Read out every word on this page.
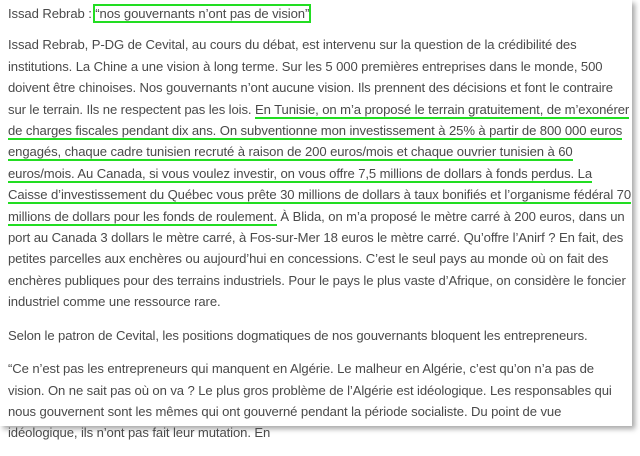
Issad Rebrab : “nos gouvernants n’ont pas de vision”

Issad Rebrab, P-DG de Cevital, au cours du débat, est intervenu sur la question de la crédibilité des institutions. La Chine a une vision à long terme. Sur les 5 000 premières entreprises dans le monde, 500 doivent être chinoises. Nos gouvernants n’ont aucune vision. Ils prennent des décisions et font le contraire sur le terrain. Ils ne respectent pas les lois. En Tunisie, on m’a proposé le terrain gratuitement, de m’exonérer de charges fiscales pendant dix ans. On subventionne mon investissement à 25% à partir de 800 000 euros engagés, chaque cadre tunisien recruté à raison de 200 euros/mois et chaque ouvrier tunisien à 60 euros/mois. Au Canada, si vous voulez investir, on vous offre 7,5 millions de dollars à fonds perdus. La Caisse d’investissement du Québec vous prête 30 millions de dollars à taux bonifiés et l’organisme fédéral 70 millions de dollars pour les fonds de roulement. À Blida, on m’a proposé le mètre carré à 200 euros, dans un port au Canada 3 dollars le mètre carré, à Fos-sur-Mer 18 euros le mètre carré. Qu’offre l’Anirf ? En fait, des petites parcelles aux enchères ou aujourd’hui en concessions. C’est le seul pays au monde où on fait des enchères publiques pour des terrains industriels. Pour le pays le plus vaste d’Afrique, on considère le foncier industriel comme une ressource rare.

Selon le patron de Cevital, les positions dogmatiques de nos gouvernants bloquent les entrepreneurs.

“Ce n’est pas les entrepreneurs qui manquent en Algérie. Le malheur en Algérie, c’est qu’on n’a pas de vision. On ne sait pas où on va ? Le plus gros problème de l’Algérie est idéologique. Les responsables qui nous gouvernent sont les mêmes qui ont gouverné pendant la période socialiste. Du point de vue idéologique, ils n’ont pas fait leur mutation. En
